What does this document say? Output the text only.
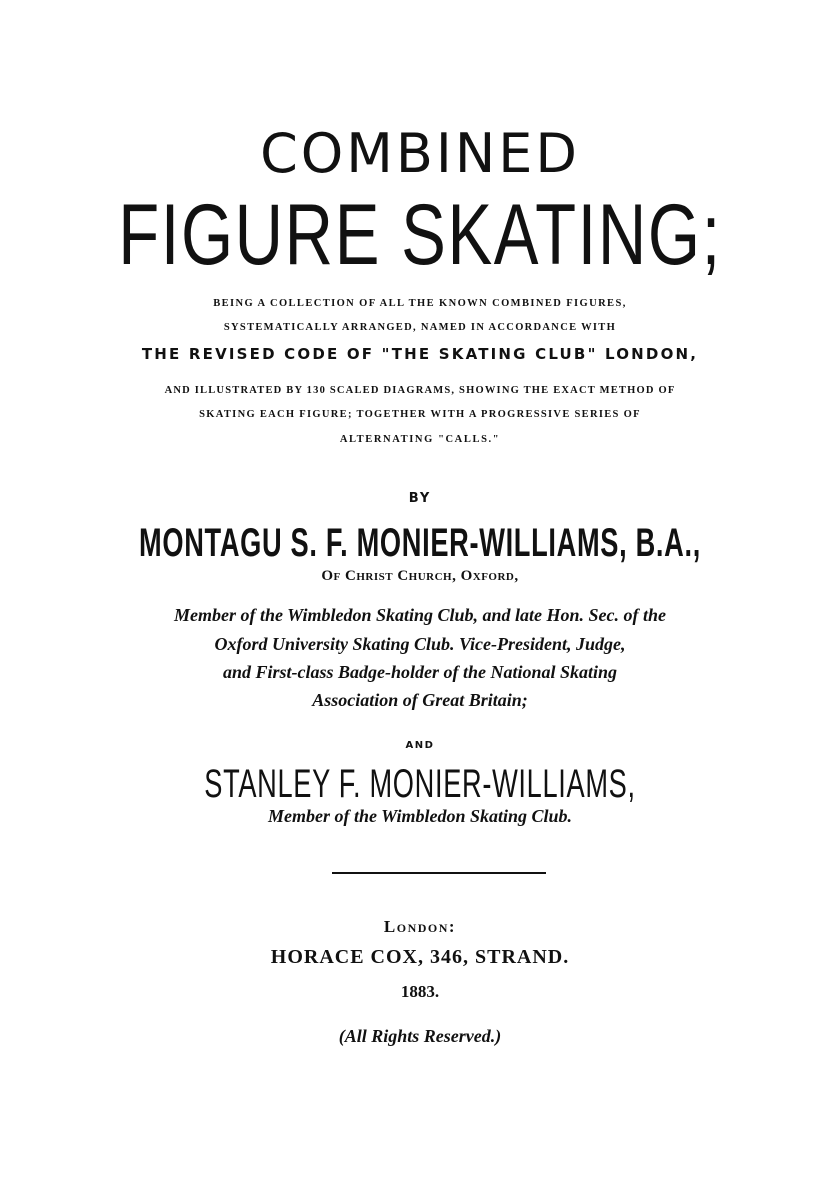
COMBINED

FIGURE SKATING;

BEING A COLLECTION OF ALL THE KNOWN COMBINED FIGURES,

SYSTEMATICALLY ARRANGED, NAMED IN ACCORDANCE WITH

THE REVISED CODE OF "THE SKATING CLUB" LONDON,

AND ILLUSTRATED BY 130 SCALED DIAGRAMS, SHOWING THE EXACT METHOD OF

SKATING EACH FIGURE; TOGETHER WITH A PROGRESSIVE SERIES OF

ALTERNATING "CALLS."

BY

MONTAGU S. F. MONIER-WILLIAMS, B.A.,

Of Christ Church, Oxford,

Member of the Wimbledon Skating Club, and late Hon. Sec. of the

Oxford University Skating Club. Vice-President, Judge,

and First-class Badge-holder of the National Skating

Association of Great Britain;

AND

STANLEY F. MONIER-WILLIAMS,

Member of the Wimbledon Skating Club.

London:

HORACE COX, 346, STRAND.

1883.

(All Rights Reserved.)
